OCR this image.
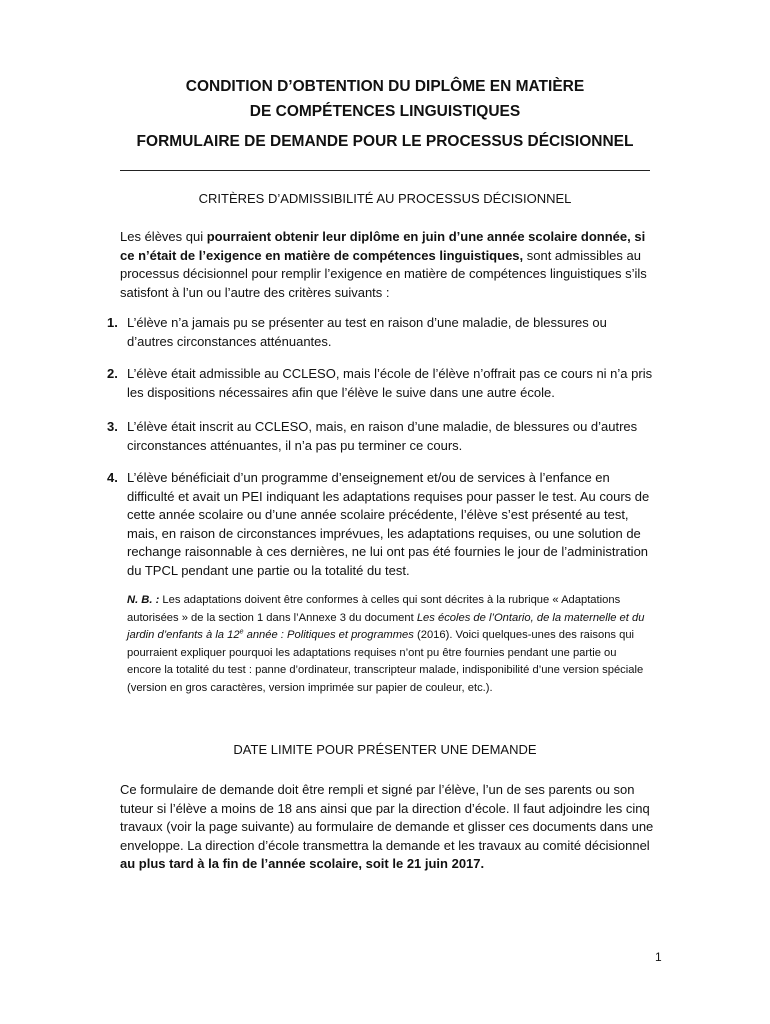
CONDITION D’OBTENTION DU DIPLÔME EN MATIÈRE
DE COMPÉTENCES LINGUISTIQUES
FORMULAIRE DE DEMANDE POUR LE PROCESSUS DÉCISIONNEL
CRITÈRES D’ADMISSIBILITÉ AU PROCESSUS DÉCISIONNEL

Les élèves qui pourraient obtenir leur diplôme en juin d’une année scolaire donnée, si ce n’était de l’exigence en matière de compétences linguistiques, sont admissibles au processus décisionnel pour remplir l’exigence en matière de compétences linguistiques s’ils satisfont à l’un ou l’autre des critères suivants :

1. L’élève n’a jamais pu se présenter au test en raison d’une maladie, de blessures ou d’autres circonstances atténuantes.
2. L’élève était admissible au CCLESO, mais l’école de l’élève n’offrait pas ce cours ni n’a pris les dispositions nécessaires afin que l’élève le suive dans une autre école.
3. L’élève était inscrit au CCLESO, mais, en raison d’une maladie, de blessures ou d’autres circonstances atténuantes, il n’a pas pu terminer ce cours.
4. L’élève bénéficiait d’un programme d’enseignement et/ou de services à l’enfance en difficulté et avait un PEI indiquant les adaptations requises pour passer le test. Au cours de cette année scolaire ou d’une année scolaire précédente, l’élève s’est présenté au test, mais, en raison de circonstances imprévues, les adaptations requises, ou une solution de rechange raisonnable à ces dernières, ne lui ont pas été fournies le jour de l’administration du TPCL pendant une partie ou la totalité du test.
N. B. : Les adaptations doivent être conformes à celles qui sont décrites à la rubrique « Adaptations autorisées » de la section 1 dans l’Annexe 3 du document Les écoles de l’Ontario, de la maternelle et du jardin d’enfants à la 12e année : Politiques et programmes (2016). Voici quelques-unes des raisons qui pourraient expliquer pourquoi les adaptations requises n’ont pu être fournies pendant une partie ou encore la totalité du test : panne d’ordinateur, transcripteur malade, indisponibilité d’une version spéciale (version en gros caractères, version imprimée sur papier de couleur, etc.).
DATE LIMITE POUR PRÉSENTER UNE DEMANDE

Ce formulaire de demande doit être rempli et signé par l’élève, l’un de ses parents ou son tuteur si l’élève a moins de 18 ans ainsi que par la direction d’école. Il faut adjoindre les cinq travaux (voir la page suivante) au formulaire de demande et glisser ces documents dans une enveloppe. La direction d’école transmettra la demande et les travaux au comité décisionnel au plus tard à la fin de l’année scolaire, soit le 21 juin 2017.

1
